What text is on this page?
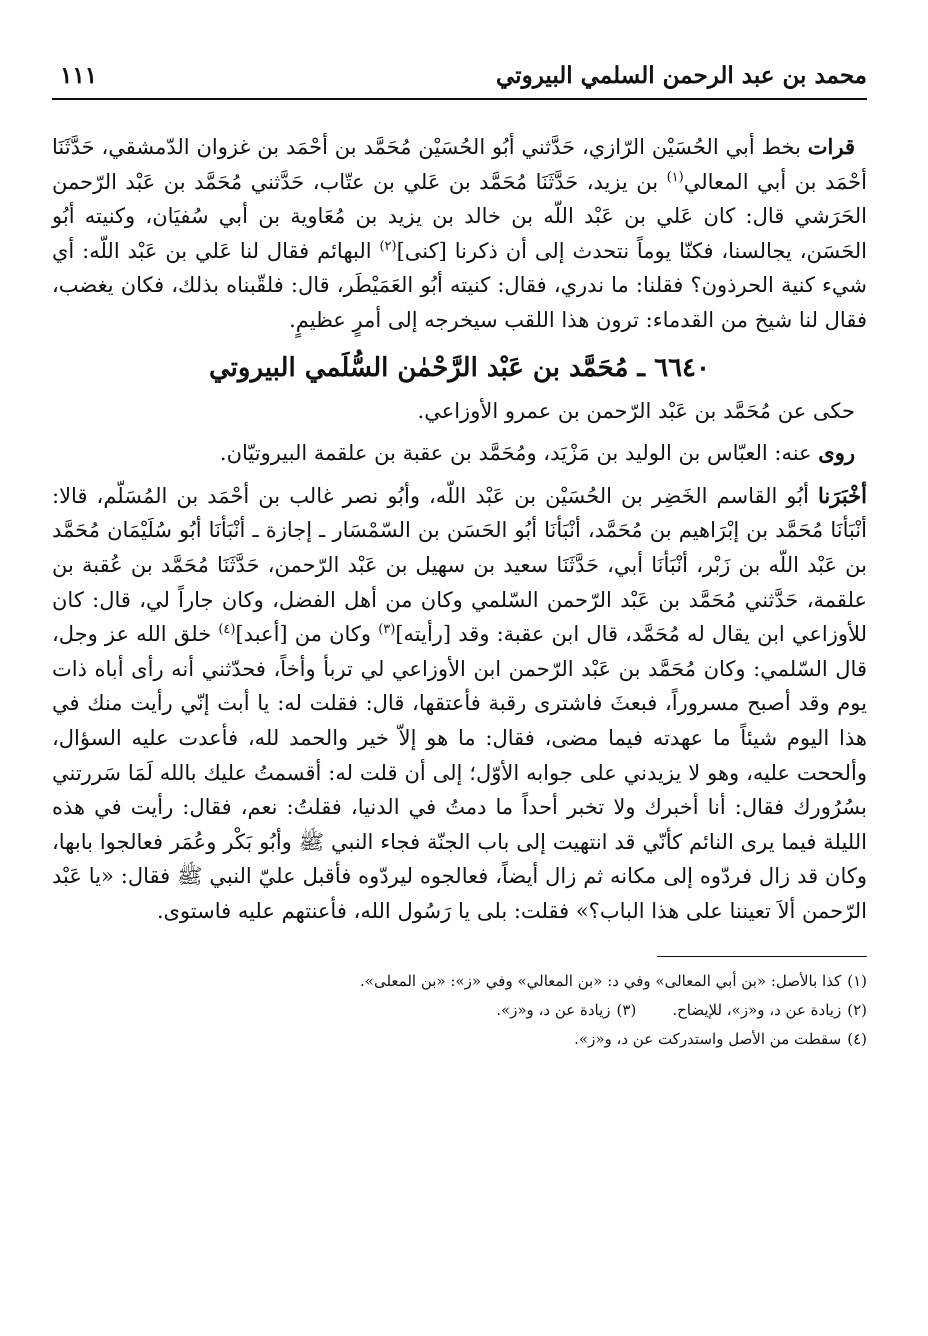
محمد بن عبد الرحمن السلمي البيروتي
١١١

قرات بخط أبي الحُسَيْن الرّازي، حَدَّثني أبُو الحُسَيْن مُحَمَّد بن أحْمَد بن غزوان الدّمشقي، حَدَّثَنَا أحْمَد بن أبي المعالي$^{(١)}$ بن يزيد، حَدَّثَنَا مُحَمَّد بن عَلي بن عتّاب، حَدَّثني مُحَمَّد بن عَبْد الرّحمن الحَرَشي قال: كان عَلي بن عَبْد اللّه بن خالد بن يزيد بن مُعَاوية بن أبي سُفيَان، وكنيته أبُو الحَسَن، يجالسنا، فكنّا يوماً نتحدث إلى أن ذكرنا [كنى]$^{(٢)}$ البهائم فقال لنا عَلي بن عَبْد اللّه: أي شيء كنية الحرذون؟ فقلنا: ما ندري، فقال: كنيته أبُو العَمَيْطَر، قال: فلقّبناه بذلك، فكان يغضب، فقال لنا شيخ من القدماء: ترون هذا اللقب سيخرجه إلى أمرٍ عظيمٍ.

٦٦٤٠ ـ مُحَمَّد بن عَبْد الرَّحْمٰن السُّلَمي البيروتي

حكى عن مُحَمَّد بن عَبْد الرّحمن بن عمرو الأوزاعي.

روى عنه: العبّاس بن الوليد بن مَزْيَد، ومُحَمَّد بن عقبة بن علقمة البيروتيّان.

أخْبَرَنا أبُو القاسم الخَضِر بن الحُسَيْن بن عَبْد اللّه، وأبُو نصر غالب بن أحْمَد بن المُسَلّم، قالا: أنْبَأنَا مُحَمَّد بن إبْرَاهيم بن مُحَمَّد، أنْبَأنَا أبُو الحَسَن بن السّمْسَار ـ إجازة ـ أنْبَأنَا أبُو سُلَيْمَان مُحَمَّد بن عَبْد اللّه بن زَبْر، أنْبَأنَا أبي، حَدَّثَنَا سعيد بن سهيل بن عَبْد الرّحمن، حَدَّثَنَا مُحَمَّد بن عُقبة بن علقمة، حَدَّثني مُحَمَّد بن عَبْد الرّحمن السّلمي وكان من أهل الفضل، وكان جاراً لي، قال: كان للأوزاعي ابن يقال له مُحَمَّد، قال ابن عقبة: وقد [رأيته]$^{(٣)}$ وكان من [أعبد]$^{(٤)}$ خلق الله عز وجل، قال السّلمي: وكان مُحَمَّد بن عَبْد الرّحمن ابن الأوزاعي لي تربأ وأخاً، فحدّثني أنه رأى أباه ذات يوم وقد أصبح مسروراً، فبعثَ فاشترى رقبة فأعتقها، قال: فقلت له: يا أبت إنّي رأيت منك في هذا اليوم شيئاً ما عهدته فيما مضى، فقال: ما هو إلاّ خير والحمد لله، فأعدت عليه السؤال، وألححت عليه، وهو لا يزيدني على جوابه الأوّل؛ إلى أن قلت له: أقسمتُ عليك بالله لَمَا سَررتني بسُرُورك فقال: أنا أخبرك ولا تخبر أحداً ما دمتُ في الدنيا، فقلتُ: نعم، فقال: رأيت في هذه الليلة فيما يرى النائم كأنّي قد انتهيت إلى باب الجنّة فجاء النبي ﷺ وأبُو بَكْر وعُمَر فعالجوا بابها، وكان قد زال فردّوه إلى مكانه ثم زال أيضاً، فعالجوه ليردّوه فأقبل عليّ النبي ﷺ فقال: «يا عَبْد الرّحمن ألاَ تعيننا على هذا الباب؟» فقلت: بلى يا رَسُول الله، فأعنتهم عليه فاستوى.

(١)كذا بالأصل: «بن أبي المعالى» وفي د: «بن المعالي» وفي «ز»: «بن المعلى».

(٢)زيادة عن د، و«ز»، للإيضاح.

(٣)زيادة عن د، و«ز».

(٤)سقطت من الأصل واستدركت عن د، و«ز».
